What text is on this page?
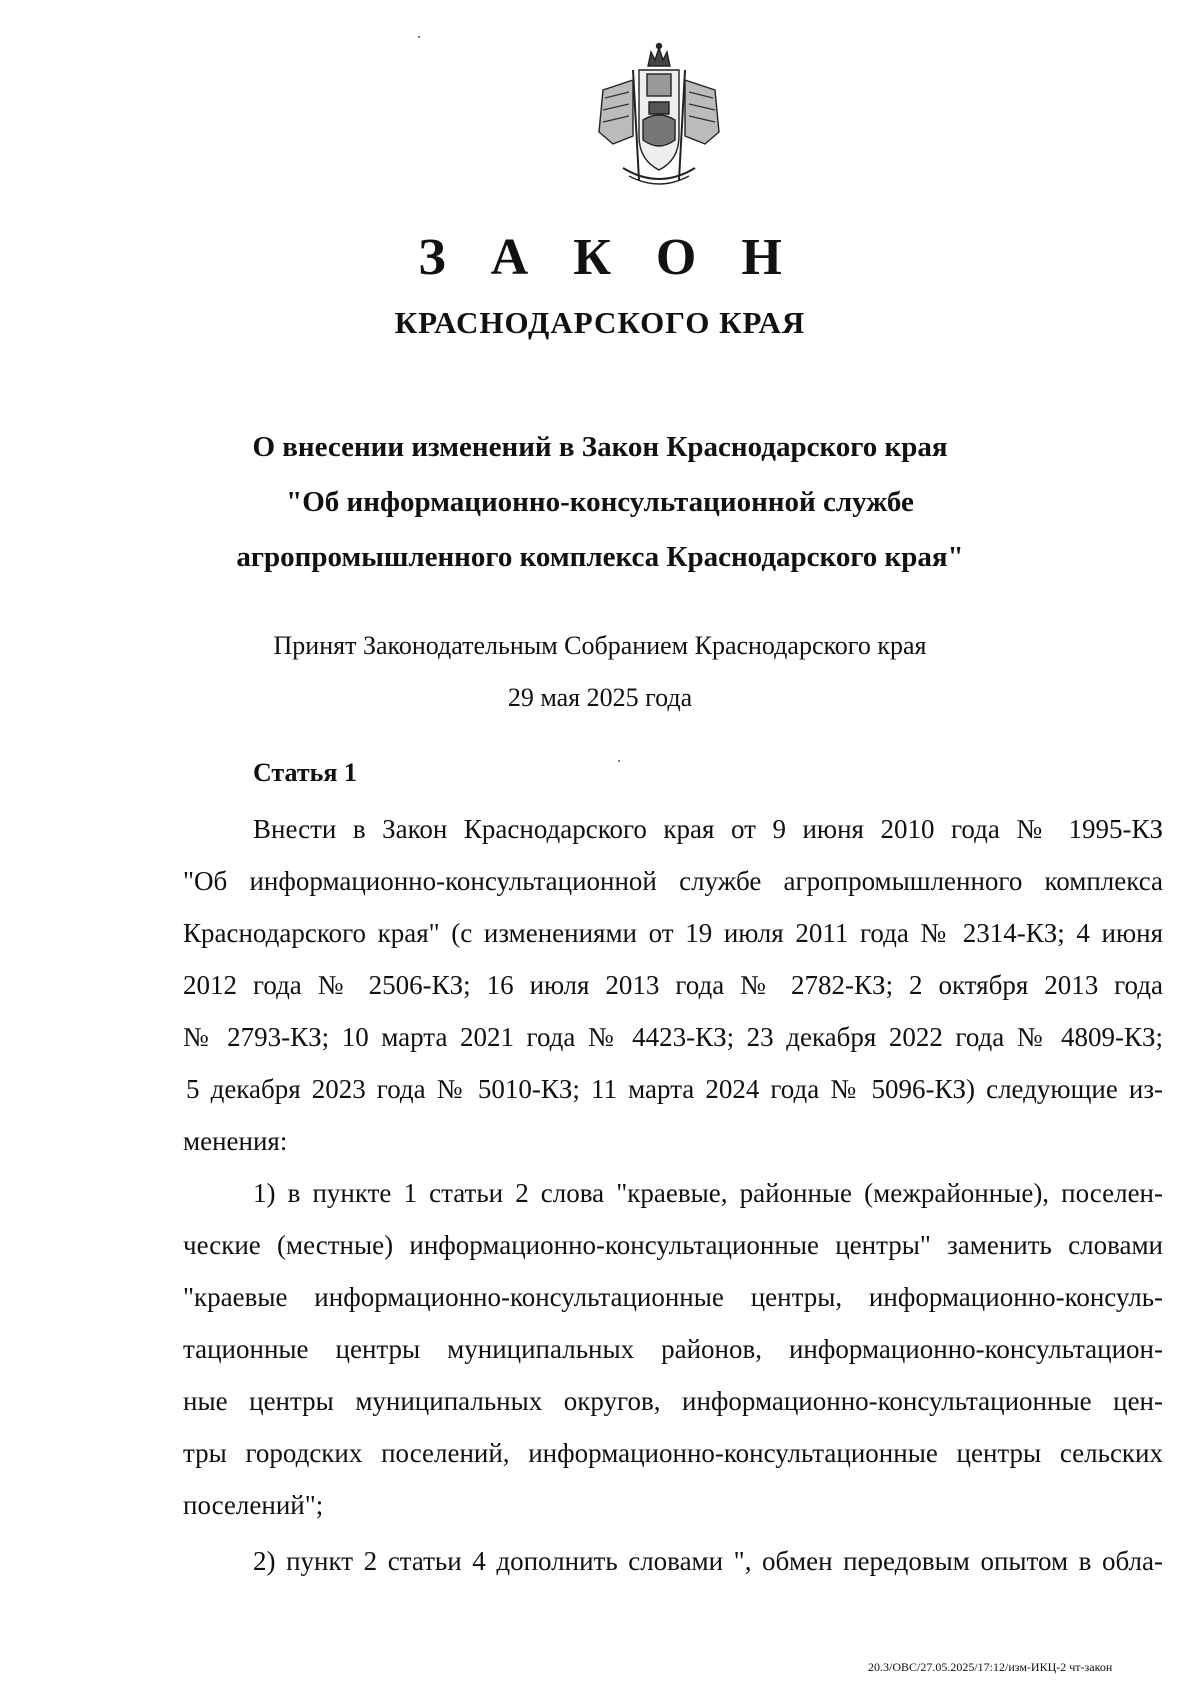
З А К О Н
КРАСНОДАРСКОГО КРАЯ
О внесении изменений в Закон Краснодарского края
"Об информационно-консультационной службе
агропромышленного комплекса Краснодарского края"
Принят Законодательным Собранием Краснодарского края
29 мая 2025 года
Статья 1
Внести в Закон Краснодарского края от 9 июня 2010 года № 1995-КЗ
"Об информационно-консультационной службе агропромышленного комплекса
Краснодарского края" (с изменениями от 19 июля 2011 года № 2314-КЗ; 4 июня
2012 года № 2506-КЗ; 16 июля 2013 года № 2782-КЗ; 2 октября 2013 года
№ 2793-КЗ; 10 марта 2021 года № 4423-КЗ; 23 декабря 2022 года № 4809-КЗ;
5 декабря 2023 года № 5010-КЗ; 11 марта 2024 года № 5096-КЗ) следующие из-
менения:
1) в пункте 1 статьи 2 слова "краевые, районные (межрайонные), поселен-
ческие (местные) информационно-консультационные центры" заменить словами
"краевые информационно-консультационные центры, информационно-консуль-
тационные центры муниципальных районов, информационно-консультацион-
ные центры муниципальных округов, информационно-консультационные цен-
тры городских поселений, информационно-консультационные центры сельских
поселений";
2) пункт 2 статьи 4 дополнить словами ", обмен передовым опытом в обла-
20.3/ОВС/27.05.2025/17:12/изм-ИКЦ-2 чт-закон
